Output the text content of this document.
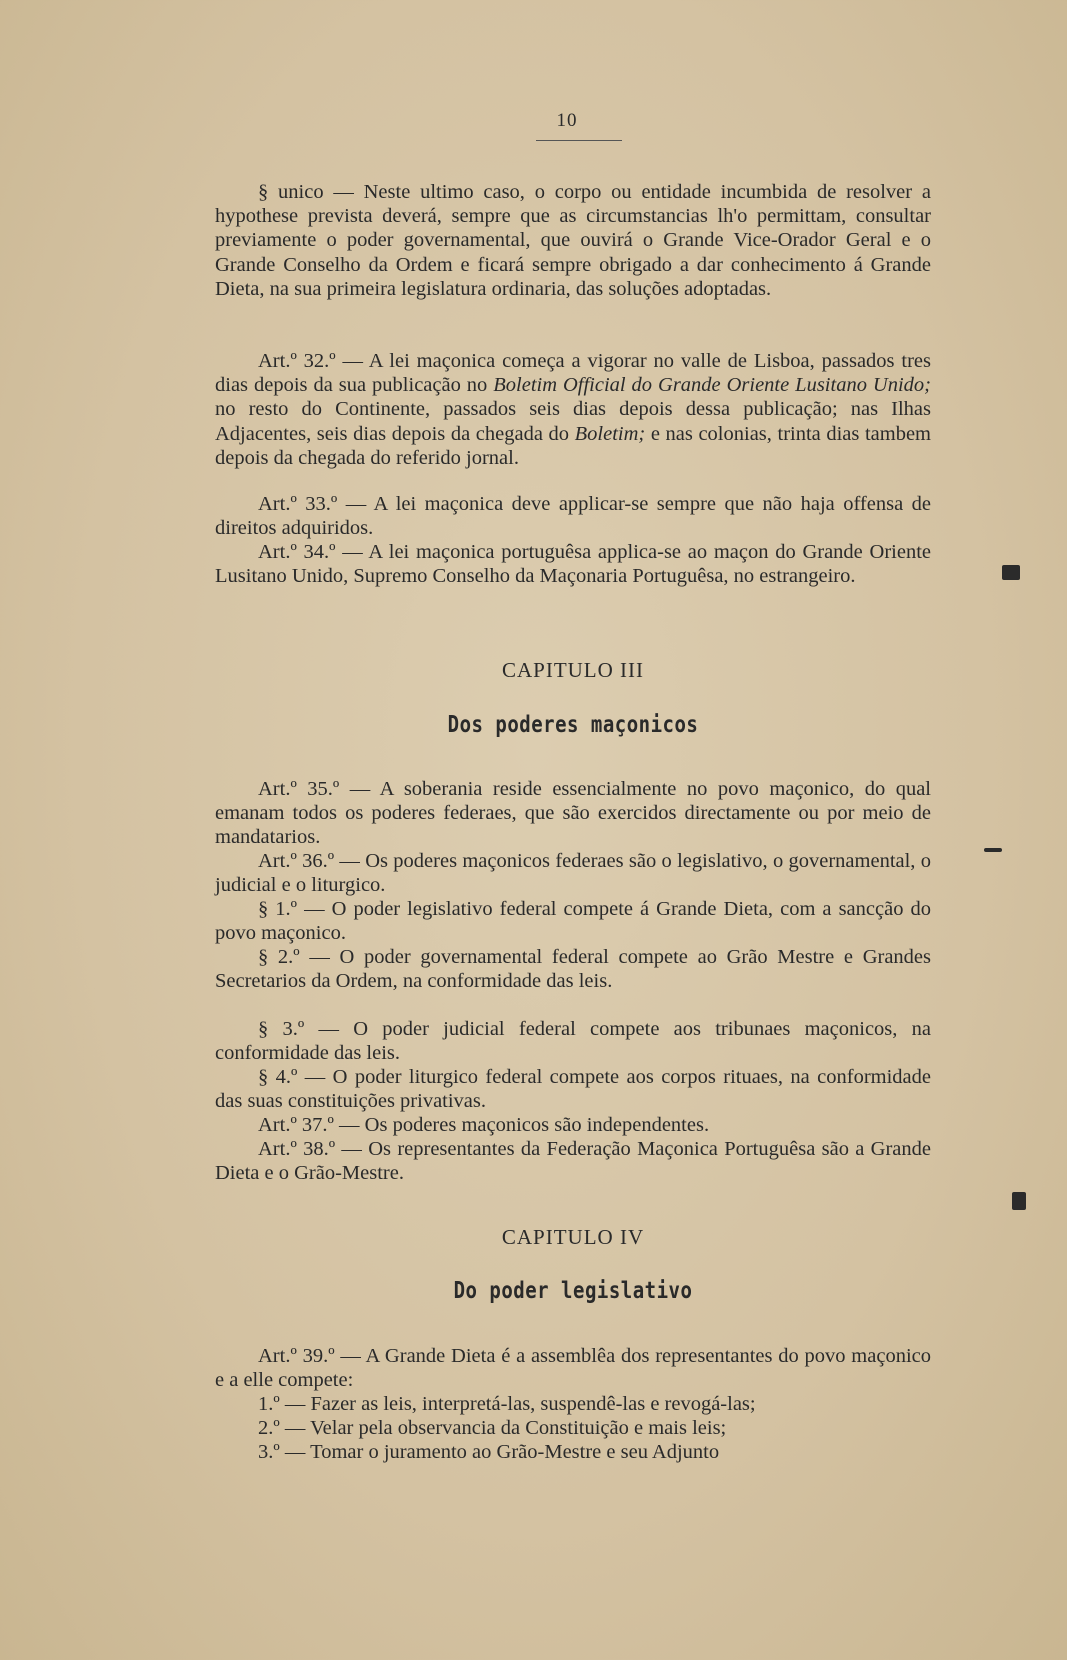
10

§ unico — Neste ultimo caso, o corpo ou entidade incumbida de resolver a hypothese prevista deverá, sempre que as circumstancias lh'o permittam, consultar previamente o poder governamental, que ouvirá o Grande Vice-Orador Geral e o Grande Conselho da Ordem e ficará sempre obrigado a dar conhecimento á Grande Dieta, na sua primeira legislatura ordinaria, das soluções adoptadas.

Art.º 32.º — A lei maçonica começa a vigorar no valle de Lisboa, passados tres dias depois da sua publicação no Boletim Official do Grande Oriente Lusitano Unido; no resto do Continente, passados seis dias depois dessa publicação; nas Ilhas Adjacentes, seis dias depois da chegada do Boletim; e nas colonias, trinta dias tambem depois da chegada do referido jornal.

Art.º 33.º — A lei maçonica deve applicar-se sempre que não haja offensa de direitos adquiridos.

Art.º 34.º — A lei maçonica portuguêsa applica-se ao maçon do Grande Oriente Lusitano Unido, Supremo Conselho da Maçonaria Portuguêsa, no estrangeiro.

CAPITULO III

Dos poderes maçonicos

Art.º 35.º — A soberania reside essencialmente no povo maçonico, do qual emanam todos os poderes federaes, que são exercidos directamente ou por meio de mandatarios.

Art.º 36.º — Os poderes maçonicos federaes são o legislativo, o governamental, o judicial e o liturgico.

§ 1.º — O poder legislativo federal compete á Grande Dieta, com a sancção do povo maçonico.

§ 2.º — O poder governamental federal compete ao Grão Mestre e Grandes Secretarios da Ordem, na conformidade das leis.

§ 3.º — O poder judicial federal compete aos tribunaes maçonicos, na conformidade das leis.

§ 4.º — O poder liturgico federal compete aos corpos rituaes, na conformidade das suas constituições privativas.

Art.º 37.º — Os poderes maçonicos são independentes.

Art.º 38.º — Os representantes da Federação Maçonica Portuguêsa são a Grande Dieta e o Grão-Mestre.

CAPITULO IV

Do poder legislativo

Art.º 39.º — A Grande Dieta é a assemblêa dos representantes do povo maçonico e a elle compete:

1.º — Fazer as leis, interpretá-las, suspendê-las e revogá-las;

2.º — Velar pela observancia da Constituição e mais leis;

3.º — Tomar o juramento ao Grão-Mestre e seu Adjunto
